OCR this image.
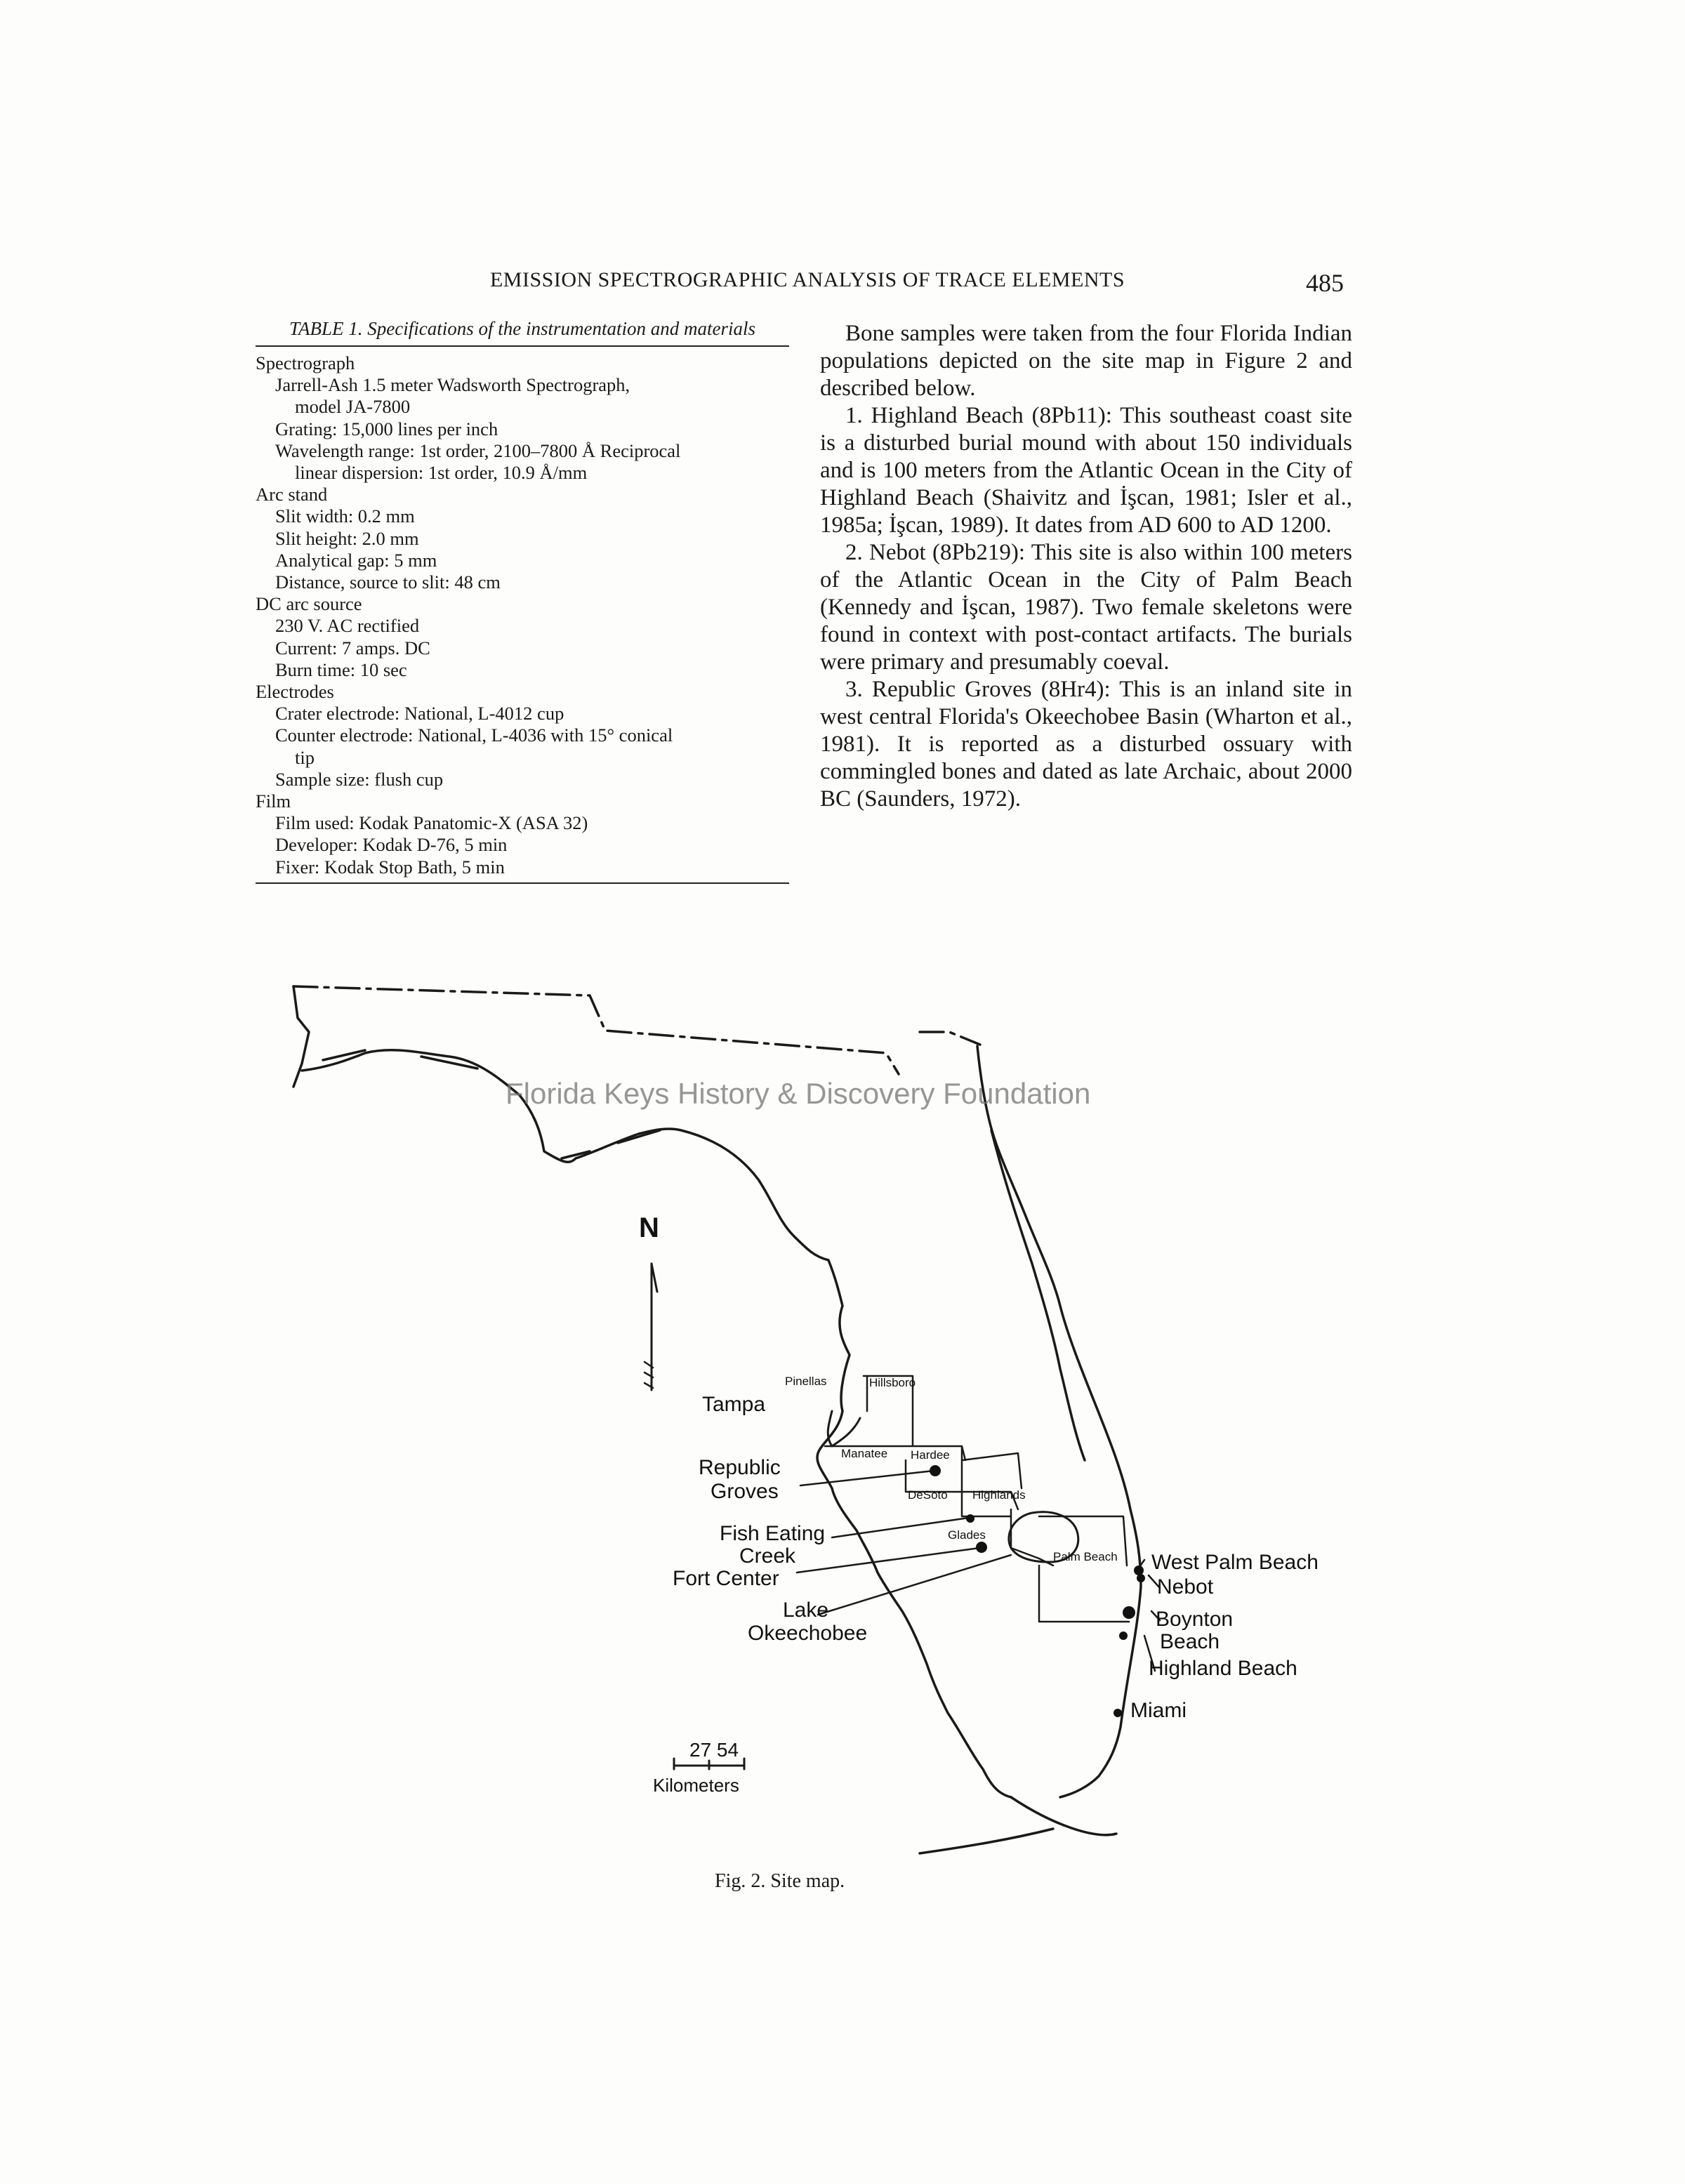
EMISSION SPECTROGRAPHIC ANALYSIS OF TRACE ELEMENTS	485
TABLE 1. Specifications of the instrumentation and materials
Spectrograph
Jarrell-Ash 1.5 meter Wadsworth Spectrograph,
model JA-7800
Grating: 15,000 lines per inch
Wavelength range: 1st order, 2100–7800 Å Reciprocal
linear dispersion: 1st order, 10.9 Å/mm
Arc stand
Slit width: 0.2 mm
Slit height: 2.0 mm
Analytical gap: 5 mm
Distance, source to slit: 48 cm
DC arc source
230 V. AC rectified
Current: 7 amps. DC
Burn time: 10 sec
Electrodes
Crater electrode: National, L-4012 cup
Counter electrode: National, L-4036 with 15° conical
tip
Sample size: flush cup
Film
Film used: Kodak Panatomic-X (ASA 32)
Developer: Kodak D-76, 5 min
Fixer: Kodak Stop Bath, 5 min

Bone samples were taken from the four Florida Indian populations depicted on the site map in Figure 2 and described below.

1. Highland Beach (8Pb11): This southeast coast site is a disturbed burial mound with about 150 individuals and is 100 meters from the Atlantic Ocean in the City of Highland Beach (Shaivitz and İşcan, 1981; Isler et al., 1985a; İşcan, 1989). It dates from AD 600 to AD 1200.

2. Nebot (8Pb219): This site is also within 100 meters of the Atlantic Ocean in the City of Palm Beach (Kennedy and İşcan, 1987). Two female skeletons were found in context with post-contact artifacts. The burials were primary and presumably coeval.

3. Republic Groves (8Hr4): This is an inland site in west central Florida's Okeechobee Basin (Wharton et al., 1981). It is reported as a disturbed ossuary with commingled bones and dated as late Archaic, about 2000 BC (Saunders, 1972).

N
Pinellas	Hillsboro
Manatee Hardee
DeSoto Highlands
Glades
Palm Beach
Tampa
Republic
Groves
Fish Eating
Creek
Fort Center
Lake
Okeechobee
West Palm Beach
Nebot
Boynton
Beach
Highland Beach
Miami
27 54
Kilometers
Florida Keys History & Discovery Foundation
Fig. 2. Site map.
